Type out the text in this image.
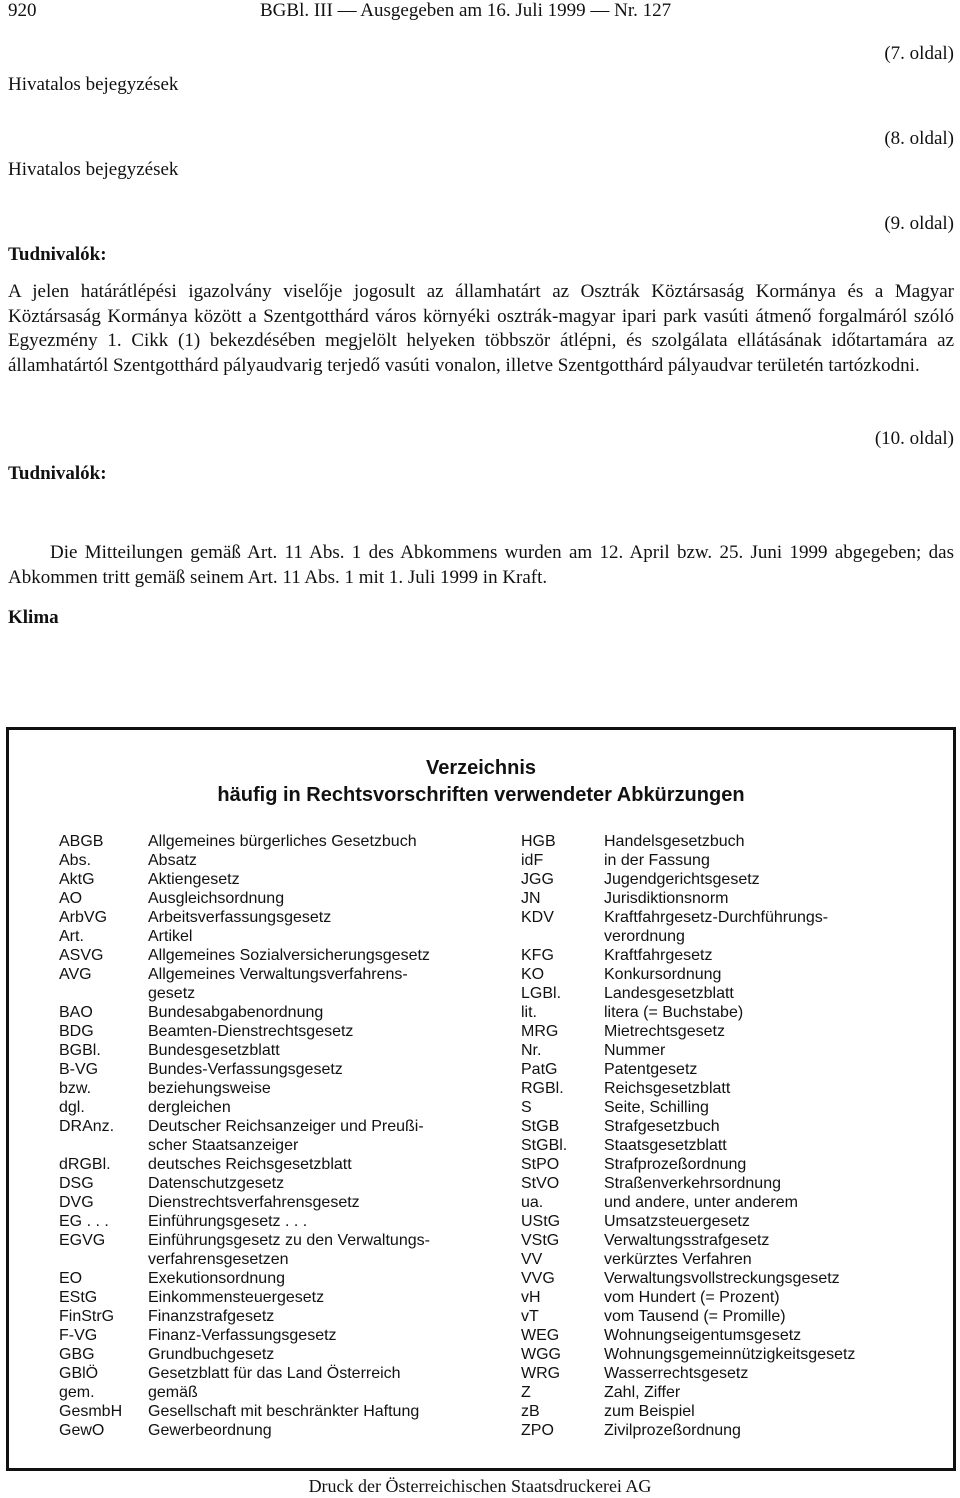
920	BGBl. III — Ausgegeben am 16. Juli 1999 — Nr. 127
Hivatalos bejegyzések
(7. oldal)
Hivatalos bejegyzések
(8. oldal)
(9. oldal)
Tudnivalók:
A jelen határátlépési igazolvány viselője jogosult az államhatárt az Osztrák Köztársaság Kormánya és a Magyar Köztársaság Kormánya között a Szentgotthárd város környéki osztrák-magyar ipari park vasúti átmenő forgalmáról szóló Egyezmény 1. Cikk (1) bekezdésében megjelölt helyeken többször átlépni, és szolgálata ellátásának időtartamára az államhatártól Szentgotthárd pályaudvarig terjedő vasúti vonalon, illetve Szentgotthárd pályaudvar területén tartózkodni.
(10. oldal)
Tudnivalók:
Die Mitteilungen gemäß Art. 11 Abs. 1 des Abkommens wurden am 12. April bzw. 25. Juni 1999 abgegeben; das Abkommen tritt gemäß seinem Art. 11 Abs. 1 mit 1. Juli 1999 in Kraft.
Klima
Verzeichnis
häufig in Rechtsvorschriften verwendeter Abkürzungen
ABGB	Allgemeines bürgerliches Gesetzbuch
Abs.	Absatz
AktG	Aktiengesetz
AO	Ausgleichsordnung
ArbVG	Arbeitsverfassungsgesetz
Art.	Artikel
ASVG	Allgemeines Sozialversicherungsgesetz
AVG	Allgemeines Verwaltungsverfahrens-
gesetz
BAO	Bundesabgabenordnung
BDG	Beamten-Dienstrechtsgesetz
BGBl.	Bundesgesetzblatt
B-VG	Bundes-Verfassungsgesetz
bzw.	beziehungsweise
dgl.	dergleichen
DRAnz. Deutscher Reichsanzeiger und Preußi-
scher Staatsanzeiger
dRGBl. deutsches Reichsgesetzblatt
DSG	Datenschutzgesetz
DVG	Dienstrechtsverfahrensgesetz
EG . . . Einführungsgesetz . . .
EGVG	Einführungsgesetz zu den Verwaltungs-
verfahrensgesetzen
EO	Exekutionsordnung
EStG	Einkommensteuergesetz
FinStrG Finanzstrafgesetz
F-VG	Finanz-Verfassungsgesetz
GBG	Grundbuchgesetz
GBlÖ	Gesetzblatt für das Land Österreich
gem.	gemäß
GesmbH Gesellschaft mit beschränkter Haftung
GewO	Gewerbeordnung
HGB	Handelsgesetzbuch
idF	in der Fassung
JGG	Jugendgerichtsgesetz
JN	Jurisdiktionsnorm
KDV	Kraftfahrgesetz-Durchführungs-
verordnung
KFG	Kraftfahrgesetz
KO	Konkursordnung
LGBl.	Landesgesetzblatt
lit.	litera (= Buchstabe)
MRG	Mietrechtsgesetz
Nr.	Nummer
PatG	Patentgesetz
RGBl.	Reichsgesetzblatt
S	Seite, Schilling
StGB	Strafgesetzbuch
StGBl. Staatsgesetzblatt
StPO	Strafprozeßordnung
StVO	Straßenverkehrsordnung
ua.	und andere, unter anderem
UStG	Umsatzsteuergesetz
VStG	Verwaltungsstrafgesetz
VV	verkürztes Verfahren
VVG	Verwaltungsvollstreckungsgesetz
vH	vom Hundert (= Prozent)
vT	vom Tausend (= Promille)
WEG	Wohnungseigentumsgesetz
WGG	Wohnungsgemeinnützigkeitsgesetz
WRG	Wasserrechtsgesetz
Z	Zahl, Ziffer
zB	zum Beispiel
ZPO	Zivilprozeßordnung
Druck der Österreichischen Staatsdruckerei AG
